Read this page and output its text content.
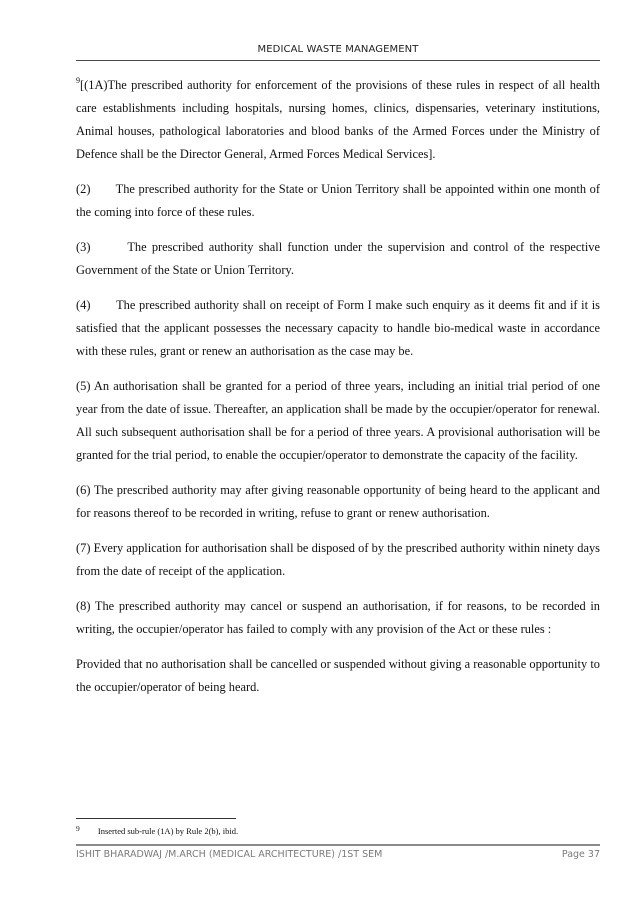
MEDICAL WASTE MANAGEMENT

$^9$[(1A)The prescribed authority for enforcement of the provisions of these rules in respect of all health care establishments including hospitals, nursing homes, clinics, dispensaries, veterinary institutions, Animal houses, pathological laboratories and blood banks of the Armed Forces under the Ministry of Defence shall be the Director General, Armed Forces Medical Services].

(2)       The prescribed authority for the State or Union Territory shall be appointed within one month of the coming into force of these rules.

(3)       The prescribed authority shall function under the supervision and control of the respective Government of the State or Union Territory.

(4)       The prescribed authority shall on receipt of Form I make such enquiry as it deems fit and if it is satisfied that the applicant possesses the necessary capacity to handle bio-medical waste in accordance with these rules, grant or renew an authorisation as the case may be.

(5) An authorisation shall be granted for a period of three years, including an initial trial period of one year from the date of issue. Thereafter, an application shall be made by the occupier/operator for renewal. All such subsequent authorisation shall be for a period of three years. A provisional authorisation will be granted for the trial period, to enable the occupier/operator to demonstrate the capacity of the facility.

(6) The prescribed authority may after giving reasonable opportunity of being heard to the applicant and for reasons thereof to be recorded in writing, refuse to grant or renew authorisation.

(7) Every application for authorisation shall be disposed of by the prescribed authority within ninety days from the date of receipt of the application.

(8) The prescribed authority may cancel or suspend an authorisation, if for reasons, to be recorded in writing, the occupier/operator has failed to comply with any provision of the Act or these rules :

Provided that no authorisation shall be cancelled or suspended without giving a reasonable opportunity to the occupier/operator of being heard.

9 Inserted sub-rule (1A) by Rule 2(b), ibid.
ISHIT BHARADWAJ /M.ARCH (MEDICAL ARCHITECTURE) /1ST SEM	Page 37
